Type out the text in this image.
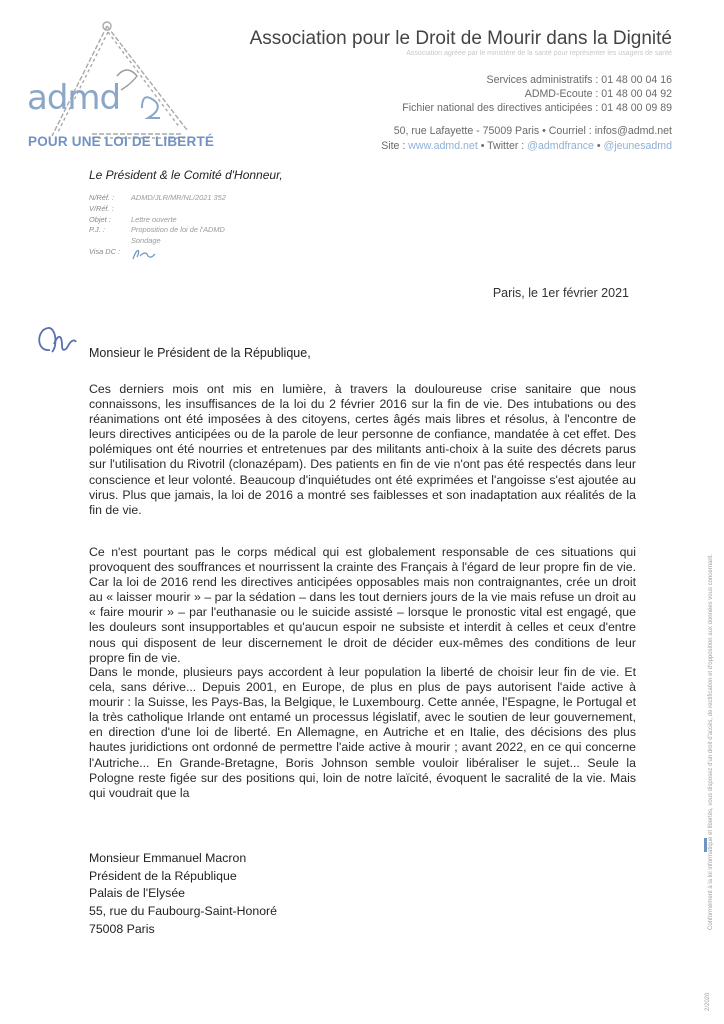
admd
POUR UNE LOI DE LIBERTÉ
Association pour le Droit de Mourir dans la Dignité
Association agréée par le ministère de la santé pour représenter les usagers de santé
Services administratifs : 01 48 00 04 16
ADMD-Ecoute : 01 48 00 04 92
Fichier national des directives anticipées : 01 48 00 09 89
50, rue Lafayette - 75009 Paris • Courriel : infos@admd.net
Site : www.admd.net • Twitter : @admdfrance • @jeunesadmd
Le Président & le Comité d'Honneur,
N/Réf. :	ADMD/JLR/MR/NL/2021 352
V/Réf. :
Objet :	Lettre ouverte
P.J. :	Proposition de loi de l'ADMD
Sondage
Visa DC :
Paris, le 1er février 2021
Monsieur le Président de la République,
Ces derniers mois ont mis en lumière, à travers la douloureuse crise sanitaire que nous connaissons, les insuffisances de la loi du 2 février 2016 sur la fin de vie. Des intubations ou des réanimations ont été imposées à des citoyens, certes âgés mais libres et résolus, à l'encontre de leurs directives anticipées ou de la parole de leur personne de confiance, mandatée à cet effet. Des polémiques ont été nourries et entretenues par des militants anti-choix à la suite des décrets parus sur l'utilisation du Rivotril (clonazépam). Des patients en fin de vie n'ont pas été respectés dans leur conscience et leur volonté. Beaucoup d'inquiétudes ont été exprimées et l'angoisse s'est ajoutée au virus. Plus que jamais, la loi de 2016 a montré ses faiblesses et son inadaptation aux réalités de la fin de vie.
Ce n'est pourtant pas le corps médical qui est globalement responsable de ces situations qui provoquent des souffrances et nourrissent la crainte des Français à l'égard de leur propre fin de vie. Car la loi de 2016 rend les directives anticipées opposables mais non contraignantes, crée un droit au « laisser mourir » – par la sédation – dans les tout derniers jours de la vie mais refuse un droit au « faire mourir » – par l'euthanasie ou le suicide assisté – lorsque le pronostic vital est engagé, que les douleurs sont insupportables et qu'aucun espoir ne subsiste et interdit à celles et ceux d'entre nous qui disposent de leur discernement le droit de décider eux-mêmes des conditions de leur propre fin de vie.
Dans le monde, plusieurs pays accordent à leur population la liberté de choisir leur fin de vie. Et cela, sans dérive... Depuis 2001, en Europe, de plus en plus de pays autorisent l'aide active à mourir : la Suisse, les Pays-Bas, la Belgique, le Luxembourg. Cette année, l'Espagne, le Portugal et la très catholique Irlande ont entamé un processus législatif, avec le soutien de leur gouvernement, en direction d'une loi de liberté. En Allemagne, en Autriche et en Italie, des décisions des plus hautes juridictions ont ordonné de permettre l'aide active à mourir ; avant 2022, en ce qui concerne l'Autriche... En Grande-Bretagne, Boris Johnson semble vouloir libéraliser le sujet... Seule la Pologne reste figée sur des positions qui, loin de notre laïcité, évoquent le sacralité de la vie. Mais qui voudrait que la
Monsieur Emmanuel Macron
Président de la République
Palais de l'Elysée
55, rue du Faubourg-Saint-Honoré
75008 Paris	Conformément à la loi informatique et libertés, vous disposez d'un droit d'accès, de rectification et d'opposition aux données vous concernant.
2/2020
